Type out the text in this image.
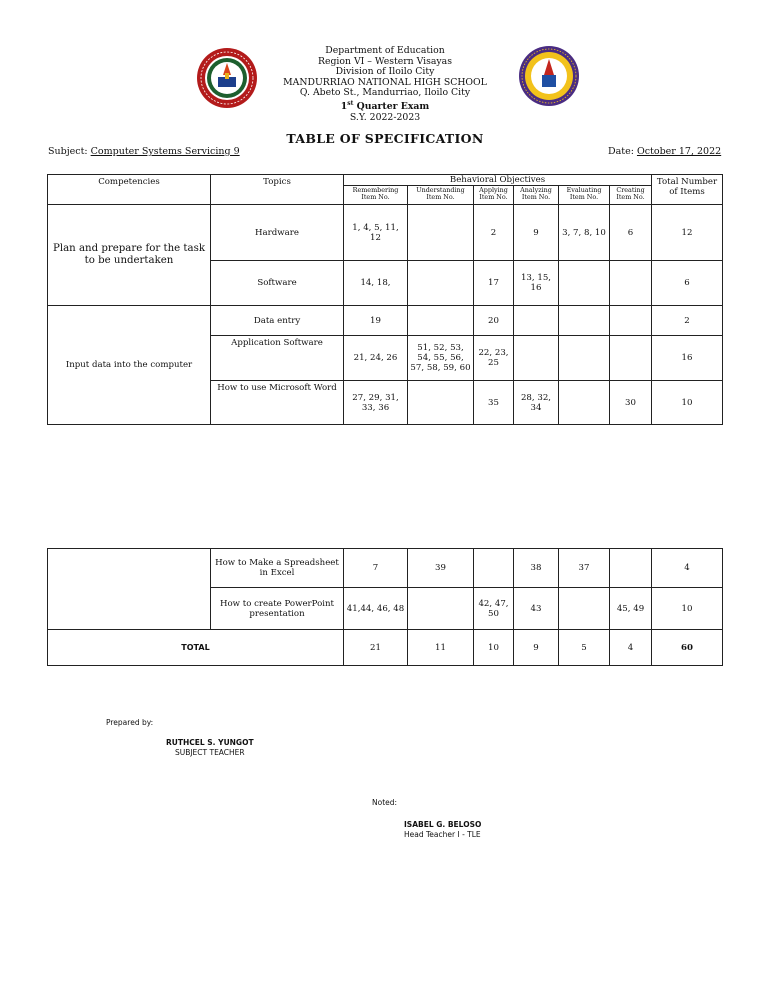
Department of Education
Region VI – Western Visayas
Division of Iloilo City
MANDURRIAO NATIONAL HIGH SCHOOL
Q. Abeto St., Mandurriao, Iloilo City
1st Quarter Exam
S.Y. 2022-2023
TABLE OF SPECIFICATION
Subject: Computer Systems Servicing 9	Date: October 17, 2022
Competencies	Topics	Behavioral Objectives						Total Number of Items
		Remembering Item No.	Understanding Item No.	Applying Item No.	Analyzing Item No.	Evaluating Item No.	Creating Item No.	
Plan and prepare for the task to be undertaken	Hardware	1, 4, 5, 11, 12		2	9	3, 7, 8, 10	6	12
	Software	14, 18,		17	13, 15, 16			6
Input data into the computer	Data entry	19		20				2
	Application Software	21, 24, 26	51, 52, 53, 54, 55, 56, 57, 58, 59, 60	22, 23, 25				16
	How to use Microsoft Word	27, 29, 31, 33, 36		35	28, 32, 34		30	10
	How to Make a Spreadsheet in Excel	7	39		38	37		4
	How to create PowerPoint presentation	41,44, 46, 48		42, 47, 50	43		45, 49	10
TOTAL		21	11	10	9	5	4	60
Prepared by:
RUTHCEL S. YUNGOT
SUBJECT TEACHER
Noted:
ISABEL G. BELOSO
Head Teacher I - TLE
